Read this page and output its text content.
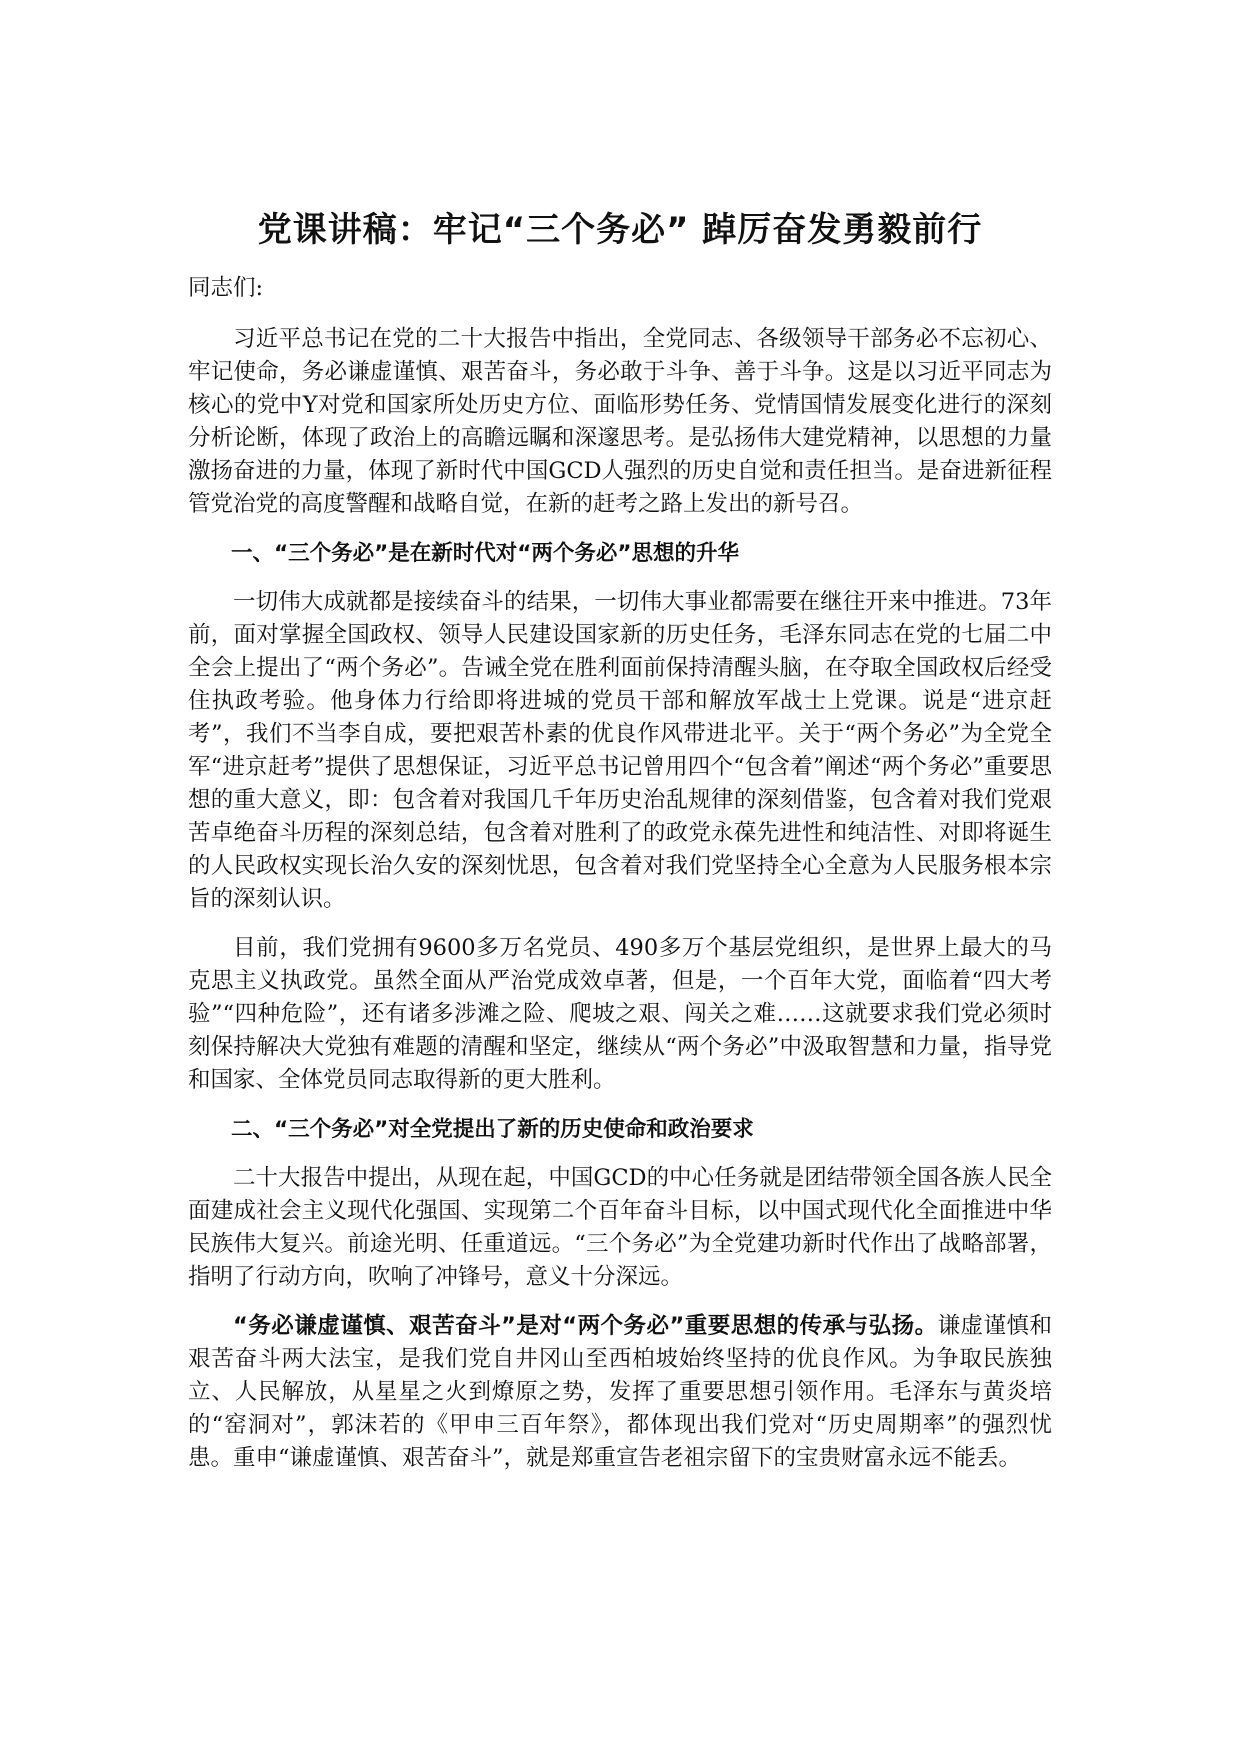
党课讲稿：牢记“三个务必” 踔厉奋发勇毅前行

同志们:

习近平总书记在党的二十大报告中指出，全党同志、各级领导干部务必不忘初心、牢记使命，务必谦虚谨慎、艰苦奋斗，务必敢于斗争、善于斗争。这是以习近平同志为核心的党中Y对党和国家所处历史方位、面临形势任务、党情国情发展变化进行的深刻分析论断，体现了政治上的高瞻远瞩和深邃思考。是弘扬伟大建党精神，以思想的力量激扬奋进的力量，体现了新时代中国GCD人强烈的历史自觉和责任担当。是奋进新征程管党治党的高度警醒和战略自觉，在新的赶考之路上发出的新号召。

一、“三个务必”是在新时代对“两个务必”思想的升华

一切伟大成就都是接续奋斗的结果，一切伟大事业都需要在继往开来中推进。73年前，面对掌握全国政权、领导人民建设国家新的历史任务，毛泽东同志在党的七届二中全会上提出了“两个务必”。告诫全党在胜利面前保持清醒头脑，在夺取全国政权后经受住执政考验。他身体力行给即将进城的党员干部和解放军战士上党课。说是“进京赶考”，我们不当李自成，要把艰苦朴素的优良作风带进北平。关于“两个务必”为全党全军“进京赶考”提供了思想保证，习近平总书记曾用四个“包含着”阐述“两个务必”重要思想的重大意义，即：包含着对我国几千年历史治乱规律的深刻借鉴，包含着对我们党艰苦卓绝奋斗历程的深刻总结，包含着对胜利了的政党永葆先进性和纯洁性、对即将诞生的人民政权实现长治久安的深刻忧思，包含着对我们党坚持全心全意为人民服务根本宗旨的深刻认识。

目前，我们党拥有9600多万名党员、490多万个基层党组织，是世界上最大的马克思主义执政党。虽然全面从严治党成效卓著，但是，一个百年大党，面临着“四大考验”“四种危险”，还有诸多涉滩之险、爬坡之艰、闯关之难……这就要求我们党必须时刻保持解决大党独有难题的清醒和坚定，继续从“两个务必”中汲取智慧和力量，指导党和国家、全体党员同志取得新的更大胜利。

二、“三个务必”对全党提出了新的历史使命和政治要求

二十大报告中提出，从现在起，中国GCD的中心任务就是团结带领全国各族人民全面建成社会主义现代化强国、实现第二个百年奋斗目标，以中国式现代化全面推进中华民族伟大复兴。前途光明、任重道远。“三个务必”为全党建功新时代作出了战略部署，指明了行动方向，吹响了冲锋号，意义十分深远。

“务必谦虚谨慎、艰苦奋斗”是对“两个务必”重要思想的传承与弘扬。谦虚谨慎和艰苦奋斗两大法宝，是我们党自井冈山至西柏坡始终坚持的优良作风。为争取民族独立、人民解放，从星星之火到燎原之势，发挥了重要思想引领作用。毛泽东与黄炎培的“窑洞对”，郭沫若的《甲申三百年祭》，都体现出我们党对“历史周期率”的强烈忧患。重申“谦虚谨慎、艰苦奋斗”，就是郑重宣告老祖宗留下的宝贵财富永远不能丢。
